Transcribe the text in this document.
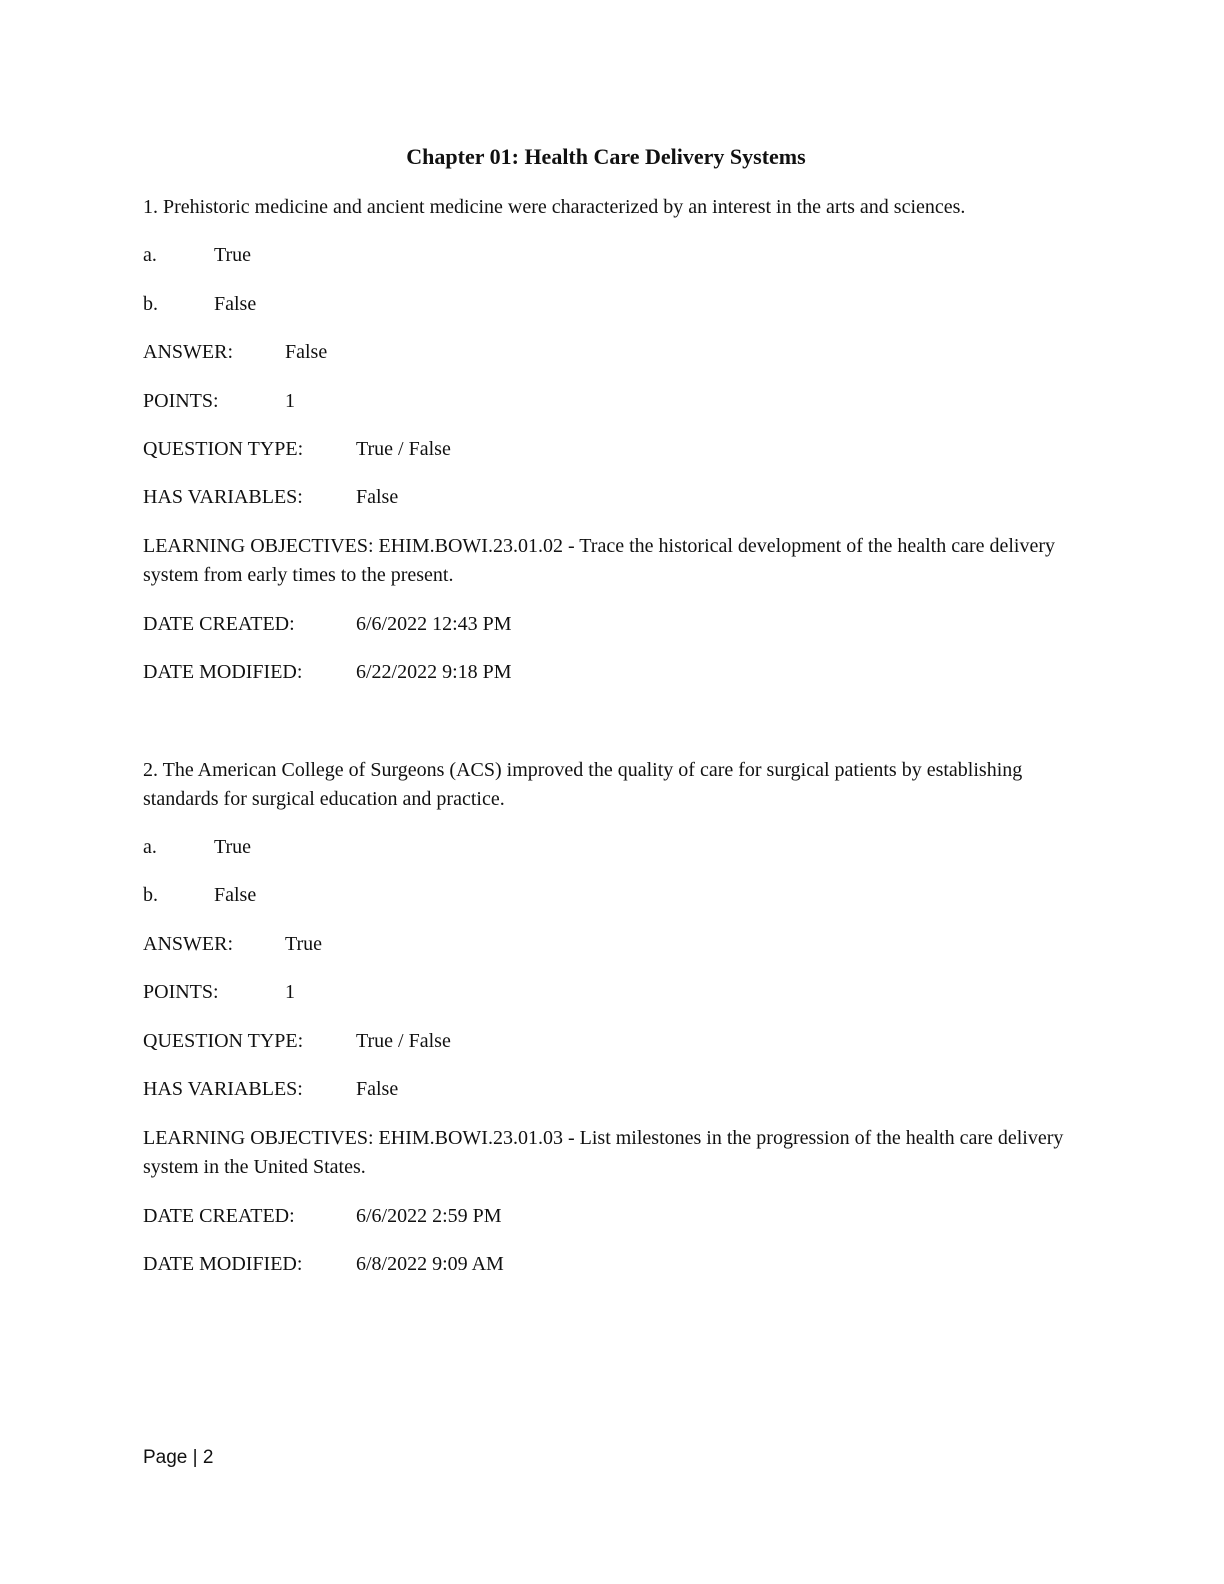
Chapter 01: Health Care Delivery Systems
1. Prehistoric medicine and ancient medicine were characterized by an interest in the arts and sciences.
a.	True
b.	False
ANSWER:	False
POINTS:	1
QUESTION TYPE:	True / False
HAS VARIABLES:	False
LEARNING OBJECTIVES: EHIM.BOWI.23.01.02 - Trace the historical development of the health care delivery system from early times to the present.
DATE CREATED:	6/6/2022 12:43 PM
DATE MODIFIED:	6/22/2022 9:18 PM
2. The American College of Surgeons (ACS) improved the quality of care for surgical patients by establishing standards for surgical education and practice.
a.	True
b.	False
ANSWER:	True
POINTS:	1
QUESTION TYPE:	True / False
HAS VARIABLES:	False
LEARNING OBJECTIVES: EHIM.BOWI.23.01.03 - List milestones in the progression of the health care delivery system in the United States.
DATE CREATED:	6/6/2022 2:59 PM
DATE MODIFIED:	6/8/2022 9:09 AM
Page | 2
